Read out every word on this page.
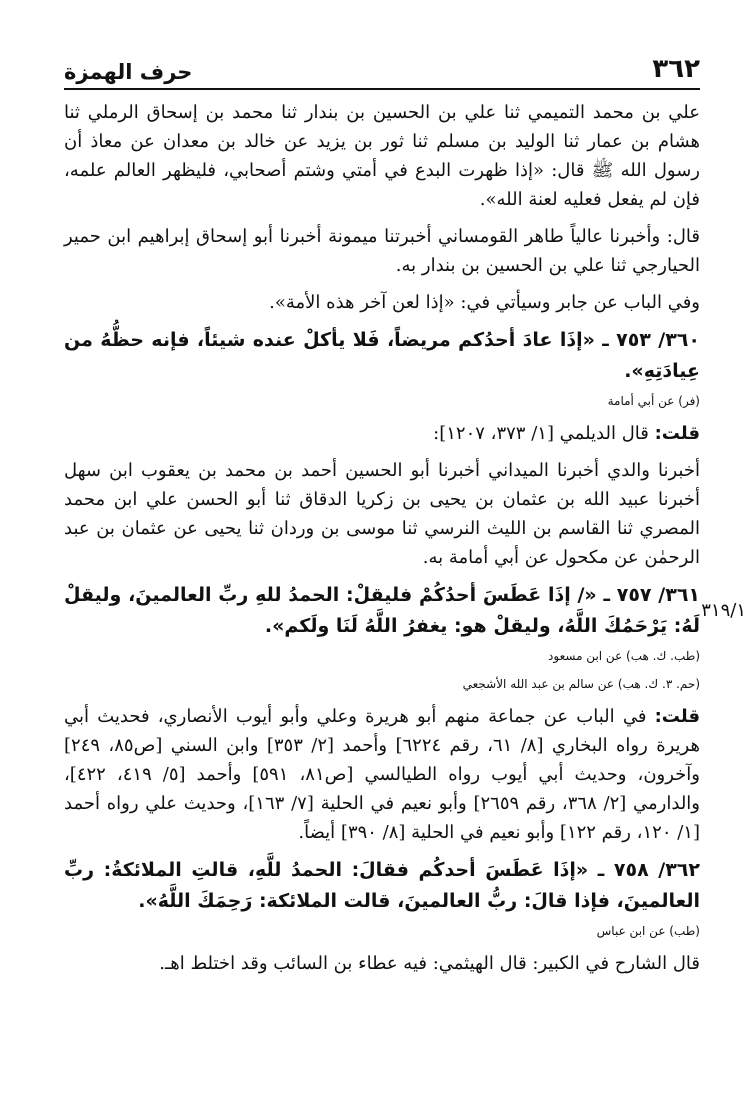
٣٦٢
حرف الهمزة
٣١٩/١

علي بن محمد التميمي ثنا علي بن الحسين بن بندار ثنا محمد بن إسحاق الرملي ثنا هشام بن عمار ثنا الوليد بن مسلم ثنا ثور بن يزيد عن خالد بن معدان عن معاذ أن رسول الله ﷺ قال: «إذا ظهرت البدع في أمتي وشتم أصحابي، فليظهر العالم علمه، فإن لم يفعل فعليه لعنة الله».

قال: وأخبرنا عالياً طاهر القومساني أخبرتنا ميمونة أخبرنا أبو إسحاق إبراهيم ابن حمير الحيارجي ثنا علي بن الحسين بن بندار به.

وفي الباب عن جابر وسيأتي في: «إذا لعن آخر هذه الأمة».

٣٦٠/ ٧٥٣ ـ «إذَا عادَ أحدُكم مريضاً، فَلا يأكلْ عنده شيئاً، فإنه حظُّهُ من عِيادَتِهِ».

(فر) عن أبي أمامة

قلت: قال الديلمي [١/ ٣٧٣، ١٢٠٧]:

أخبرنا والدي أخبرنا الميداني أخبرنا أبو الحسين أحمد بن محمد بن يعقوب ابن سهل أخبرنا عبيد الله بن عثمان بن يحيى بن زكريا الدقاق ثنا أبو الحسن علي ابن محمد المصري ثنا القاسم بن الليث النرسي ثنا موسى بن وردان ثنا يحيى عن عثمان بن عبد الرحمٰن عن مكحول عن أبي أمامة به.

٣٦١/ ٧٥٧ ـ «/ إذَا عَطَسَ أحدُكُمْ فليقلْ: الحمدُ للهِ ربِّ العالمينَ، وليقلْ لَهُ: يَرْحَمُكَ اللَّهُ، وليقلْ هو: يغفرُ اللَّهُ لَنَا ولَكم».

(طب. ك. هب) عن ابن مسعود

(حم. ٣. ك. هب) عن سالم بن عبد الله الأشجعي

قلت: في الباب عن جماعة منهم أبو هريرة وعلي وأبو أيوب الأنصاري، فحديث أبي هريرة رواه البخاري [٨/ ٦١، رقم ٦٢٢٤] وأحمد [٢/ ٣٥٣] وابن السني [ص٨٥، ٢٤٩] وآخرون، وحديث أبي أيوب رواه الطيالسي [ص٨١، ٥٩١] وأحمد [٥/ ٤١٩، ٤٢٢]، والدارمي [٢/ ٣٦٨، رقم ٢٦٥٩] وأبو نعيم في الحلية [٧/ ١٦٣]، وحديث علي رواه أحمد [١/ ١٢٠، رقم ١٢٢] وأبو نعيم في الحلية [٨/ ٣٩٠] أيضاً.

٣٦٢/ ٧٥٨ ـ «إذَا عَطَسَ أحدكُم فقالَ: الحمدُ للَّهِ، قالتِ الملائكةُ: ربِّ العالمينَ، فإذا قالَ: ربُّ العالمينَ، قالت الملائكة: رَحِمَكَ اللَّهُ».

(طب) عن ابن عباس

قال الشارح في الكبير: قال الهيثمي: فيه عطاء بن السائب وقد اختلط اهـ.
